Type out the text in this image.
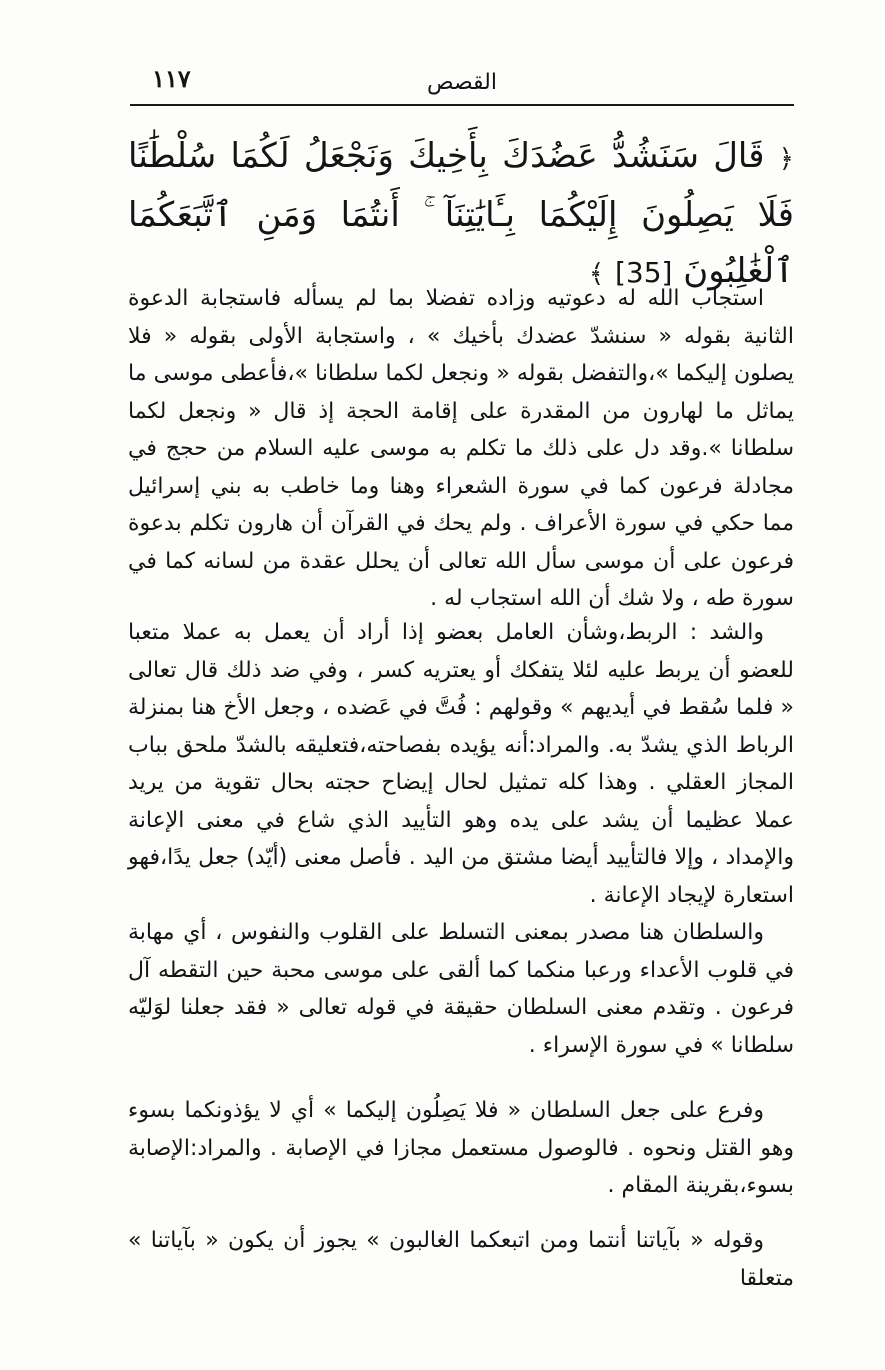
١١٧	القصص
﴿ قَالَ سَنَشُدُّ عَضُدَكَ بِأَخِيكَ وَنَجْعَلُ لَكُمَا سُلْطَٰنًا فَلَا يَصِلُونَ إِلَيْكُمَا بِـَٔايَٰتِنَآ ۚ أَنتُمَا وَمَنِ ٱتَّبَعَكُمَا ٱلْغَٰلِبُونَ [35] ﴾

استجاب الله له دعوتيه وزاده تفضلا بما لم يسأله فاستجابة الدعوة الثانية بقوله « سنشدّ عضدك بأخيك » ، واستجابة الأولى بقوله « فلا يصلون إليكما »،والتفضل بقوله « ونجعل لكما سلطانا »،فأعطى موسى ما يماثل ما لهارون من المقدرة على إقامة الحجة إذ قال « ونجعل لكما سلطانا ».وقد دل على ذلك ما تكلم به موسى عليه السلام من حجج في مجادلة فرعون كما في سورة الشعراء وهنا وما خاطب به بني إسرائيل مما حكي في سورة الأعراف . ولم يحك في القرآن أن هارون تكلم بدعوة فرعون على أن موسى سأل الله تعالى أن يحلل عقدة من لسانه كما في سورة طه ، ولا شك أن الله استجاب له .

والشد : الربط،وشأن العامل بعضو إذا أراد أن يعمل به عملا متعبا للعضو أن يربط عليه لئلا يتفكك أو يعتريه كسر ، وفي ضد ذلك قال تعالى « فلما سُقط في أيديهم » وقولهم : فُتَّ في عَضده ، وجعل الأخ هنا بمنزلة الرباط الذي يشدّ به. والمراد:أنه يؤيده بفصاحته،فتعليقه بالشدّ ملحق بباب المجاز العقلي . وهذا كله تمثيل لحال إيضاح حجته بحال تقوية من يريد عملا عظيما أن يشد على يده وهو التأييد الذي شاع في معنى الإعانة والإمداد ، وإلا فالتأييد أيضا مشتق من اليد . فأصل معنى (أيّد) جعل يدًا،فهو استعارة لإيجاد الإعانة .

والسلطان هنا مصدر بمعنى التسلط على القلوب والنفوس ، أي مهابة في قلوب الأعداء ورعبا منكما كما ألقى على موسى محبة حين التقطه آل فرعون . وتقدم معنى السلطان حقيقة في قوله تعالى « فقد جعلنا لوَليّه سلطانا » في سورة الإسراء .

وفرع على جعل السلطان « فلا يَصِلُون إليكما » أي لا يؤذونكما بسوء وهو القتل ونحوه . فالوصول مستعمل مجازا في الإصابة . والمراد:الإصابة بسوء،بقرينة المقام .

وقوله « بآياتنا أنتما ومن اتبعكما الغالبون » يجوز أن يكون « بآياتنا » متعلقا
